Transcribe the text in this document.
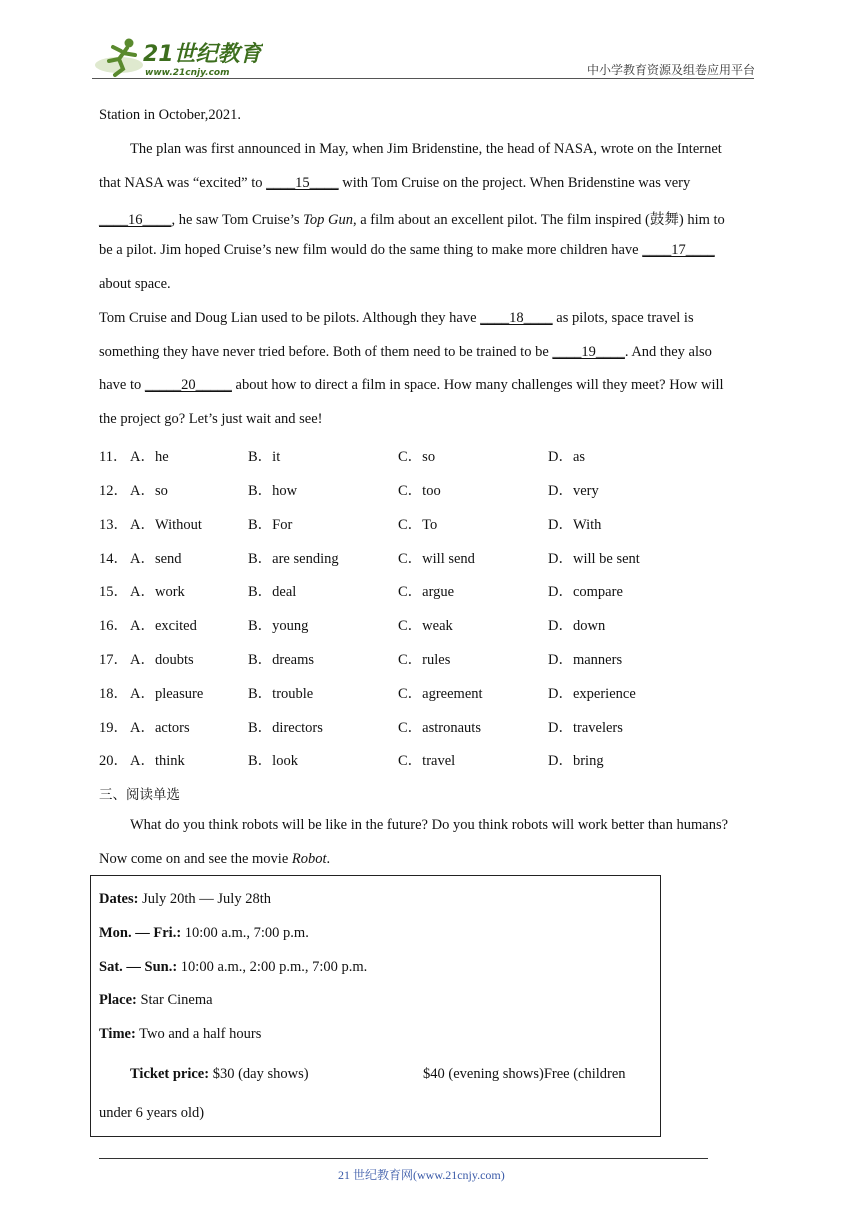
21世纪教育
www.21cnjy.com	中小学教育资源及组卷应用平台
Station in October,2021.
The plan was first announced in May, when Jim Bridenstine, the head of NASA, wrote on the Internet
that NASA was “excited” to ____15____ with Tom Cruise on the project. When Bridenstine was very
____16____, he saw Tom Cruise’s Top Gun, a film about an excellent pilot. The film inspired (鼓舞) him to
be a pilot. Jim hoped Cruise’s new film would do the same thing to make more children have ____17____
about space.
Tom Cruise and Doug Lian used to be pilots. Although they have ____18____ as pilots, space travel is
something they have never tried before. Both of them need to be trained to be ____19____. And they also
have to _____20_____ about how to direct a film in space. How many challenges will they meet? How will
the project go? Let’s just wait and see!
11． A．he	B．it	C．so	D．as
12． A．so	B．how	C．too	D．very
13． A．Without	B．For	C．To	D．With
14． A．send	B．are sending	C．will send	D．will be sent
15． A．work	B．deal	C．argue	D．compare
16． A．excited	B．young	C．weak	D．down
17． A．doubts	B．dreams	C．rules	D．manners
18． A．pleasure	B．trouble	C．agreement	D．experience
19． A．actors	B．directors	C．astronauts	D．travelers
20． A．think	B．look	C．travel	D．bring
三、阅读单选
What do you think robots will be like in the future? Do you think robots will work better than humans?
Now come on and see the movie Robot.
Dates: July 20th — July 28th
Mon. — Fri.: 10:00 a.m., 7:00 p.m.
Sat. — Sun.: 10:00 a.m., 2:00 p.m., 7:00 p.m.
Place: Star Cinema
Time: Two and a half hours
Ticket price: $30 (day shows)	$40 (evening shows)Free (children
under 6 years old)
21 世纪教育网(www.21cnjy.com)
